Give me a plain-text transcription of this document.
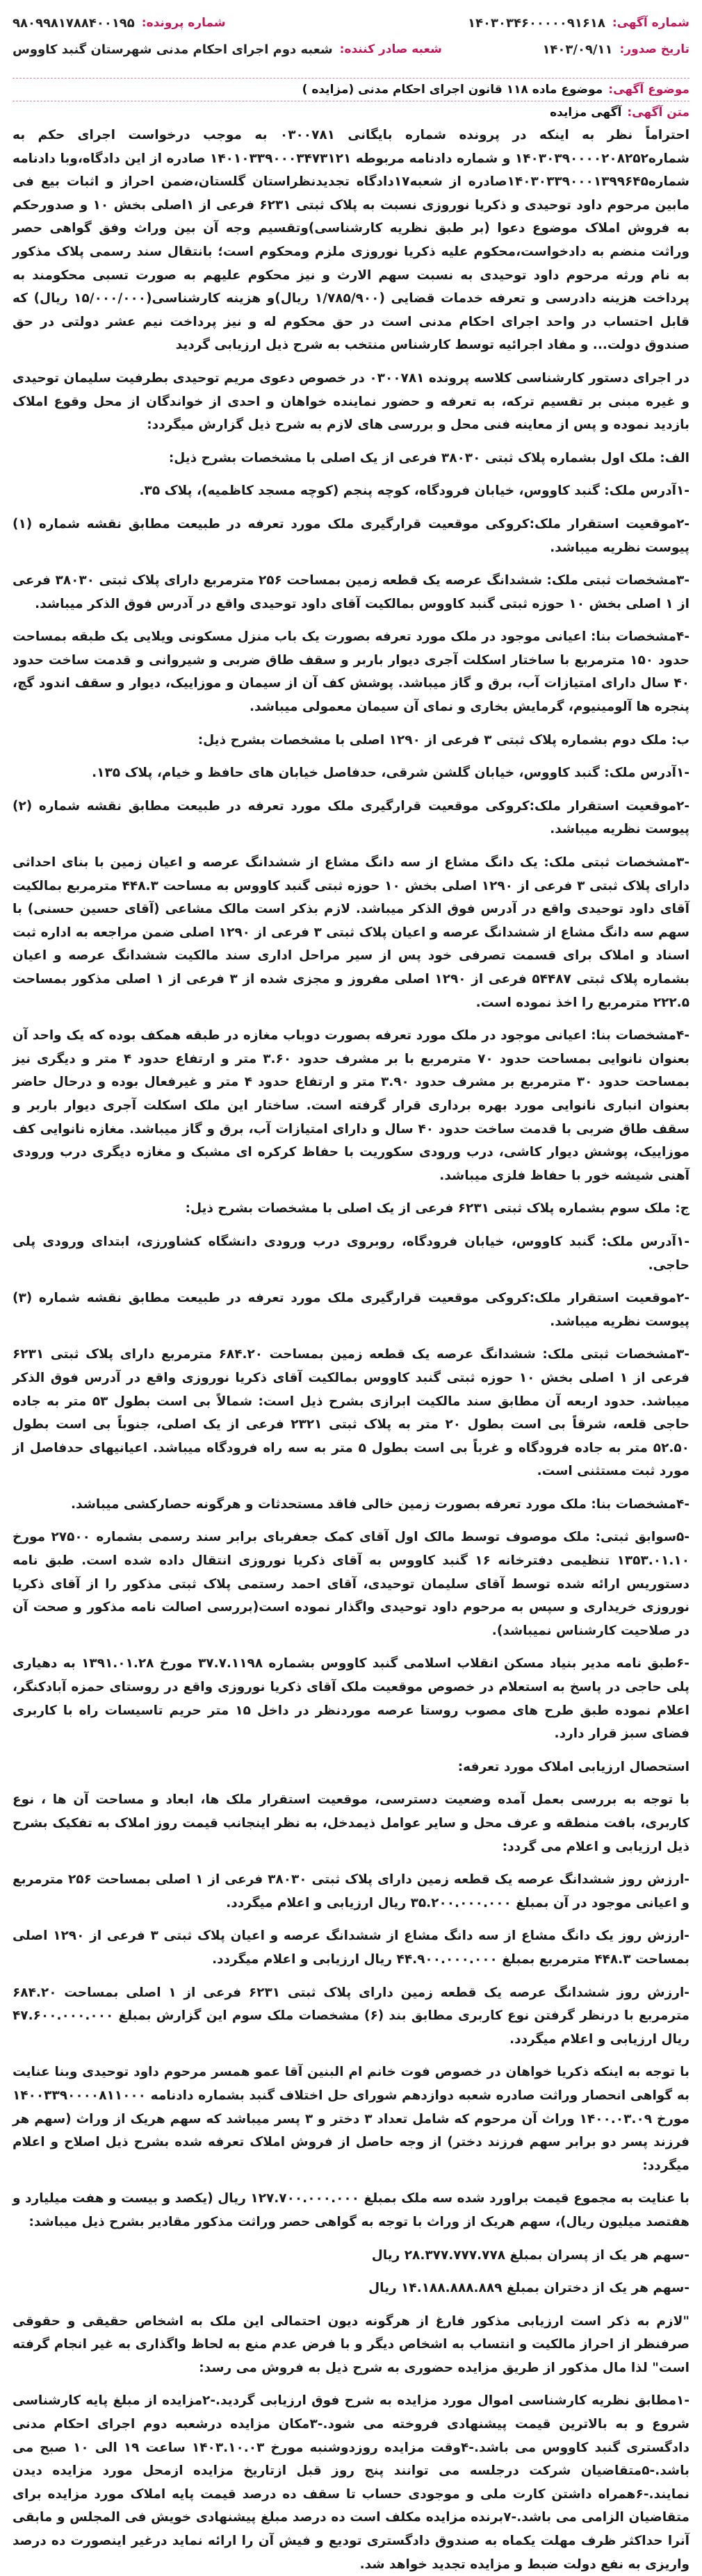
شماره آگهی:
۱۴۰۳۰۳۴۶۰۰۰۰۰۹۱۶۱۸
شماره پرونده:
۹۸۰۹۹۸۱۷۸۸۴۰۰۱۹۵
تاریخ صدور:
۱۴۰۳/۰۹/۱۱
شعبه صادر کننده:
شعبه دوم اجرای احکام مدنی شهرستان گنبد کاووس
موضوع آگهی:
موضوع ماده ۱۱۸ قانون اجرای احکام مدنی (مزایده )
متن آگهی:
آگهی مزایده

احتراماً نظر به اینکه در پرونده شماره بایگانی ۰۳۰۰۷۸۱ به موجب درخواست اجرای حکم به شماره۱۴۰۳۰۳۹۰۰۰۰۲۰۸۲۵۲ و شماره دادنامه مربوطه ۱۴۰۱۰۳۳۹۰۰۰۳۴۷۳۱۲۱ صادره از این دادگاه،وبا دادنامه شماره۱۴۰۳۰۳۳۹۰۰۰۱۳۹۹۶۴۵صادره از شعبه۱۷دادگاه تجدیدنظراستان گلستان،ضمن احراز و اثبات بیع فی مابین مرحوم داود توحیدی و ذکریا نوروزی نسبت به پلاک ثبتی ۶۲۳۱ فرعی از ۱اصلی بخش ۱۰ و صدورحکم به فروش املاک موضوع دعوا (بر طبق نظریه کارشناسی)وتقسیم وجه آن بین وراث وفق گواهی حصر وراثت منضم به دادخواست،محکوم علیه ذکریا نوروزی ملزم ومحکوم است؛ بانتقال سند رسمی پلاک مذکور به نام ورثه مرحوم داود توحیدی به نسبت سهم الارث و نیز محکوم علیهم به صورت تسبی محکومند به پرداخت هزینه دادرسی و تعرفه خدمات قضایی (۱/۷۸۵/۹۰۰ ریال)و هزینه کارشناسی(۱۵/۰۰۰/۰۰۰ ریال) که قابل احتساب در واحد اجرای احکام مدنی است در حق محکوم له و نیز پرداخت نیم عشر دولتی در حق صندوق دولت... و مفاد اجرائیه توسط کارشناس منتخب به شرح ذیل ارزیابی گردید

در اجرای دستور کارشناسی کلاسه پرونده ۰۳۰۰۷۸۱ در خصوص دعوی مریم توحیدی بطرفیت سلیمان توحیدی و غیره مبنی بر تقسیم ترکه، به تعرفه و حضور نماینده خواهان و احدی از خواندگان از محل وقوع املاک بازدید نموده و پس از معاینه فنی محل و بررسی های لازم به شرح ذیل گزارش میگردد:

الف: ملک اول بشماره پلاک ثبتی ۳۸۰۳۰ فرعی از یک اصلی با مشخصات بشرح ذیل:

-۱آدرس ملک: گنبد کاووس، خیابان فرودگاه، کوچه پنجم (کوچه مسجد کاظمیه)، پلاک ۳۵.

-۲موقعیت استقرار ملک:کروکی موقعیت قرارگیری ملک مورد تعرفه در طبیعت مطابق نقشه شماره (۱) پیوست نظریه میباشد.

-۳مشخصات ثبتی ملک: ششدانگ عرصه یک قطعه زمین بمساحت ۲۵۶ مترمربع دارای پلاک ثبتی ۳۸۰۳۰ فرعی از ۱ اصلی بخش ۱۰ حوزه ثبتی گنبد کاووس بمالکیت آقای داود توحیدی واقع در آدرس فوق الذکر میباشد.

-۴مشخصات بنا: اعیانی موجود در ملک مورد تعرفه بصورت یک باب منزل مسکونی ویلایی یک طبقه بمساحت حدود ۱۵۰ مترمربع با ساختار اسکلت آجری دیوار باربر و سقف طاق ضربی و شیروانی و قدمت ساخت حدود ۴۰ سال دارای امتیازات آب، برق و گاز میباشد. پوشش کف آن از سیمان و موزاییک، دیوار و سقف اندود گچ، پنجره ها آلومینیوم، گرمایش بخاری و نمای آن سیمان معمولی میباشد.

ب: ملک دوم بشماره پلاک ثبتی ۳ فرعی از ۱۲۹۰ اصلی با مشخصات بشرح ذیل:

-۱آدرس ملک: گنبد کاووس، خیابان گلشن شرقی، حدفاصل خیابان های حافظ و خیام، پلاک ۱۳۵.

-۲موقعیت استقرار ملک:کروکی موقعیت قرارگیری ملک مورد تعرفه در طبیعت مطابق نقشه شماره (۲) پیوست نظریه میباشد.

-۳مشخصات ثبتی ملک: یک دانگ مشاع از سه دانگ مشاع از ششدانگ عرصه و اعیان زمین با بنای احداثی دارای پلاک ثبتی ۳ فرعی از ۱۲۹۰ اصلی بخش ۱۰ حوزه ثبتی گنبد کاووس به مساحت ۴۴۸.۳ مترمربع بمالکیت آقای داود توحیدی واقع در آدرس فوق الذکر میباشد. لازم بذکر است مالک مشاعی (آقای حسین حسنی) با سهم سه دانگ مشاع از ششدانگ عرصه و اعیان پلاک ثبتی ۳ فرعی از ۱۲۹۰ اصلی ضمن مراجعه به اداره ثبت اسناد و املاک برای قسمت تصرفی خود پس از سیر مراحل اداری سند مالکیت ششدانگ عرصه و اعیان بشماره پلاک ثبتی ۵۴۴۸۷ فرعی از ۱۲۹۰ اصلی مفروز و مجزی شده از ۳ فرعی از ۱ اصلی مذکور بمساحت ۲۲۲.۵ مترمربع را اخذ نموده است.

-۴مشخصات بنا: اعیانی موجود در ملک مورد تعرفه بصورت دوباب مغازه در طبقه همکف بوده که یک واحد آن بعنوان نانوایی بمساحت حدود ۷۰ مترمربع با بر مشرف حدود ۳.۶۰ متر و ارتفاع حدود ۴ متر و دیگری نیز بمساحت حدود ۳۰ مترمربع بر مشرف حدود ۳.۹۰ متر و ارتفاع حدود ۴ متر و غیرفعال بوده و درحال حاضر بعنوان انباری نانوایی مورد بهره برداری قرار گرفته است. ساختار این ملک اسکلت آجری دیوار باربر و سقف طاق ضربی با قدمت ساخت حدود ۴۰ سال و دارای امتیازات آب، برق و گاز میباشد. مغازه نانوایی کف موزاییک، پوشش دیوار کاشی، درب ورودی سکوریت با حفاظ کرکره ای مشبک و مغازه دیگری درب ورودی آهنی شیشه خور با حفاظ فلزی میباشد.

ج: ملک سوم بشماره پلاک ثبتی ۶۲۳۱ فرعی از یک اصلی با مشخصات بشرح ذیل:

-۱آدرس ملک: گنبد کاووس، خیابان فرودگاه، روبروی درب ورودی دانشگاه کشاورزی، ابتدای ورودی پلی حاجی.

-۲موقعیت استقرار ملک:کروکی موقعیت قرارگیری ملک مورد تعرفه در طبیعت مطابق نقشه شماره (۳) پیوست نظریه میباشد.

-۳مشخصات ثبتی ملک: ششدانگ عرصه یک قطعه زمین بمساحت ۶۸۴.۲۰ مترمربع دارای پلاک ثبتی ۶۲۳۱ فرعی از ۱ اصلی بخش ۱۰ حوزه ثبتی گنبد کاووس بمالکیت آقای ذکریا نوروزی واقع در آدرس فوق الذکر میباشد. حدود اربعه آن مطابق سند مالکیت ابرازی بشرح ذیل است: شمالاً بی است بطول ۵۳ متر به جاده حاجی قلعه، شرقاً بی است بطول ۲۰ متر به پلاک ثبتی ۲۳۲۱ فرعی از یک اصلی، جنوباً بی است بطول ۵۲.۵۰ متر به جاده فرودگاه و غرباً بی است بطول ۵ متر به سه راه فرودگاه میباشد. اعیانیهای حدفاصل از مورد ثبت مستثنی است.

-۴مشخصات بنا: ملک مورد تعرفه بصورت زمین خالی فاقد مستحدثات و هرگونه حصارکشی میباشد.

-۵سوابق ثبتی: ملک موصوف توسط مالک اول آقای کمک جعفربای برابر سند رسمی بشماره ۲۷۵۰۰ مورخ ۱۳۵۳.۰۱.۱۰ تنظیمی دفترخانه ۱۶ گنبد کاووس به آقای ذکریا نوروزی انتقال داده شده است. طبق نامه دستوریس ارائه شده توسط آقای سلیمان توحیدی، آقای احمد رستمی پلاک ثبتی مذکور را از آقای ذکریا نوروزی خریداری و سپس به مرحوم داود توحیدی واگذار نموده است(بررسی اصالت نامه مذکور و صحت آن در صلاحیت کارشناس نمیباشد).

-۶طبق نامه مدیر بنیاد مسکن انقلاب اسلامی گنبد کاووس بشماره ۳۷.۷.۱۱۹۸ مورخ ۱۳۹۱.۰۱.۲۸ به دهیاری پلی حاجی در پاسخ به استعلام در خصوص موقعیت ملک آقای ذکریا نوروزی واقع در روستای حمزه آبادکنگر، اعلام نموده طبق طرح های مصوب روستا عرصه موردنظر در داخل ۱۵ متر حریم تاسیسات راه با کاربری فضای سبز قرار دارد.

استحصال ارزیابی املاک مورد تعرفه:

با توجه به بررسی بعمل آمده وضعیت دسترسی، موقعیت استقرار ملک ها، ابعاد و مساحت آن ها ، نوع کاربری، بافت منطقه و عرف محل و سایر عوامل ذیمدخل، به نظر اینجانب قیمت روز املاک به تفکیک بشرح ذیل ارزیابی و اعلام می گردد:

-ارزش روز ششدانگ عرصه یک قطعه زمین دارای پلاک ثبتی ۳۸۰۳۰ فرعی از ۱ اصلی بمساحت ۲۵۶ مترمربع و اعیانی موجود در آن بمبلغ ۳۵.۲۰۰.۰۰۰.۰۰۰ ریال ارزیابی و اعلام میگردد.

-ارزش روز یک دانگ مشاع از سه دانگ مشاع از ششدانگ عرصه و اعیان پلاک ثبتی ۳ فرعی از ۱۲۹۰ اصلی بمساحت ۴۴۸.۳ مترمربع بمبلغ ۴۴.۹۰۰.۰۰۰.۰۰۰ ریال ارزیابی و اعلام میگردد.

-ارزش روز ششدانگ عرصه یک قطعه زمین دارای پلاک ثبتی ۶۲۳۱ فرعی از ۱ اصلی بمساحت ۶۸۴.۲۰ مترمربع با درنظر گرفتن نوع کاربری مطابق بند (۶) مشخصات ملک سوم این گزارش بمبلغ ۴۷.۶۰۰.۰۰۰.۰۰۰ ریال ارزیابی و اعلام میگردد.

با توجه به اینکه ذکریا خواهان در خصوص فوت خانم ام البنین آقا عمو همسر مرحوم داود توحیدی وبنا عنایت به گواهی انحصار وراثت صادره شعبه دوازدهم شورای حل اختلاف گنبد بشماره دادنامه ۱۴۰۰۳۳۹۰۰۰۰۸۱۱۰۰۰ مورخ ۱۴۰۰.۰۳.۰۹ وراث آن مرحوم که شامل تعداد ۳ دختر و ۳ پسر میباشد که سهم هریک از وراث (سهم هر فرزند پسر دو برابر سهم فرزند دختر) از وجه حاصل از فروش املاک تعرفه شده بشرح ذیل اصلاح و اعلام میگردد:

با عنایت به مجموع قیمت براورد شده سه ملک بمبلغ ۱۲۷.۷۰۰.۰۰۰.۰۰۰ ریال (یکصد و بیست و هفت میلیارد و هفتصد میلیون ریال)، سهم هریک از وراث با توجه به گواهی حصر وراثت مذکور مقادیر بشرح ذیل میباشد:

-سهم هر یک از پسران بمبلغ ۲۸.۳۷۷.۷۷۷.۷۷۸ ریال

-سهم هر یک از دختران بمبلغ ۱۴.۱۸۸.۸۸۸.۸۸۹ ریال

"لازم به ذکر است ارزیابی مذکور فارغ از هرگونه دیون احتمالی این ملک به اشخاص حقیقی و حقوقی صرفنظر از احراز مالکیت و انتساب به اشخاص دیگر و با فرض عدم منع به لحاظ واگذاری به غیر انجام گرفته است" لذا مال مذکور از طریق مزایده حضوری به شرح ذیل به فروش می رسد:

-۱مطابق نظریه کارشناسی اموال مورد مزایده به شرح فوق ارزیابی گردید.-۲مزایده از مبلغ پایه کارشناسی شروع و به بالاترین قیمت پیشنهادی فروخته می شود.-۳مکان مزایده درشعبه دوم اجرای احکام مدنی دادگستری گنبد کاووس می باشد.-۴وقت مزایده روزدوشنبه مورخ ۱۴۰۳.۱۰.۰۳ ساعت ۱۹ الی ۱۰ صبح می باشد.-۵متقاضیان شرکت درجلسه می توانند پنج روز قبل ازتاریخ مزایده ازمحل مورد مزایده دیدن نمایند.-۶همراه داشتن کارت ملی و موجودی حساب تا سقف ده درصد قیمت پایه املاک مورد مزایده برای متقاضیان الزامی می باشد.-۷برنده مزایده مکلف است ده درصد مبلغ پیشنهادی خویش فی المجلس و مابقی آنرا حداکثر ظرف مهلت یکماه به صندوق دادگستری تودیع و فیش آن را ارائه نماید درغیر اینصورت ده درصد واریزی به نفع دولت ضبط و مزایده تجدید خواهد شد.
